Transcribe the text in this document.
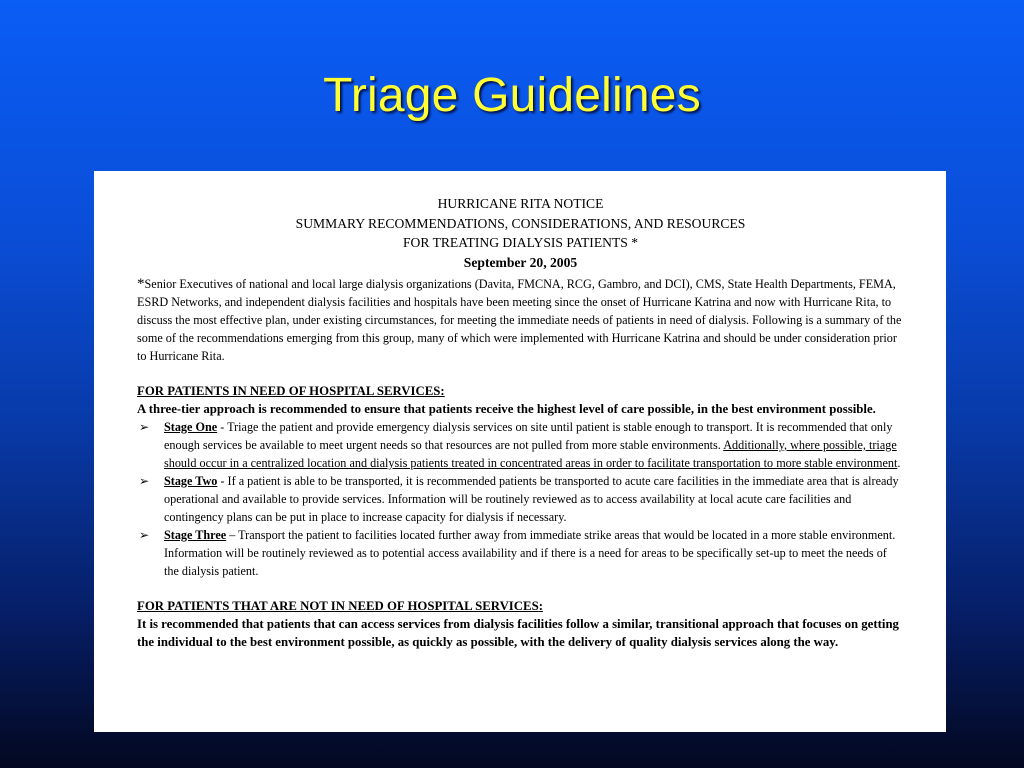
Triage Guidelines
HURRICANE RITA NOTICE
SUMMARY RECOMMENDATIONS, CONSIDERATIONS, AND RESOURCES
FOR TREATING DIALYSIS PATIENTS *
September 20, 2005
*Senior Executives of national and local large dialysis organizations (Davita, FMCNA, RCG, Gambro, and DCI), CMS, State Health Departments, FEMA, ESRD Networks, and independent dialysis facilities and hospitals have been meeting since the onset of Hurricane Katrina and now with Hurricane Rita, to discuss the most effective plan, under existing circumstances, for meeting the immediate needs of patients in need of dialysis. Following is a summary of the some of the recommendations emerging from this group, many of which were implemented with Hurricane Katrina and should be under consideration prior to Hurricane Rita.
FOR PATIENTS IN NEED OF HOSPITAL SERVICES:
A three-tier approach is recommended to ensure that patients receive the highest level of care possible, in the best environment possible.
➢ Stage One - Triage the patient and provide emergency dialysis services on site until patient is stable enough to transport. It is recommended that only enough services be available to meet urgent needs so that resources are not pulled from more stable environments. Additionally, where possible, triage should occur in a centralized location and dialysis patients treated in concentrated areas in order to facilitate transportation to more stable environment.
➢ Stage Two - If a patient is able to be transported, it is recommended patients be transported to acute care facilities in the immediate area that is already operational and available to provide services. Information will be routinely reviewed as to access availability at local acute care facilities and contingency plans can be put in place to increase capacity for dialysis if necessary.
➢ Stage Three – Transport the patient to facilities located further away from immediate strike areas that would be located in a more stable environment. Information will be routinely reviewed as to potential access availability and if there is a need for areas to be specifically set-up to meet the needs of the dialysis patient.
FOR PATIENTS THAT ARE NOT IN NEED OF HOSPITAL SERVICES:
It is recommended that patients that can access services from dialysis facilities follow a similar, transitional approach that focuses on getting the individual to the best environment possible, as quickly as possible, with the delivery of quality dialysis services along the way.
